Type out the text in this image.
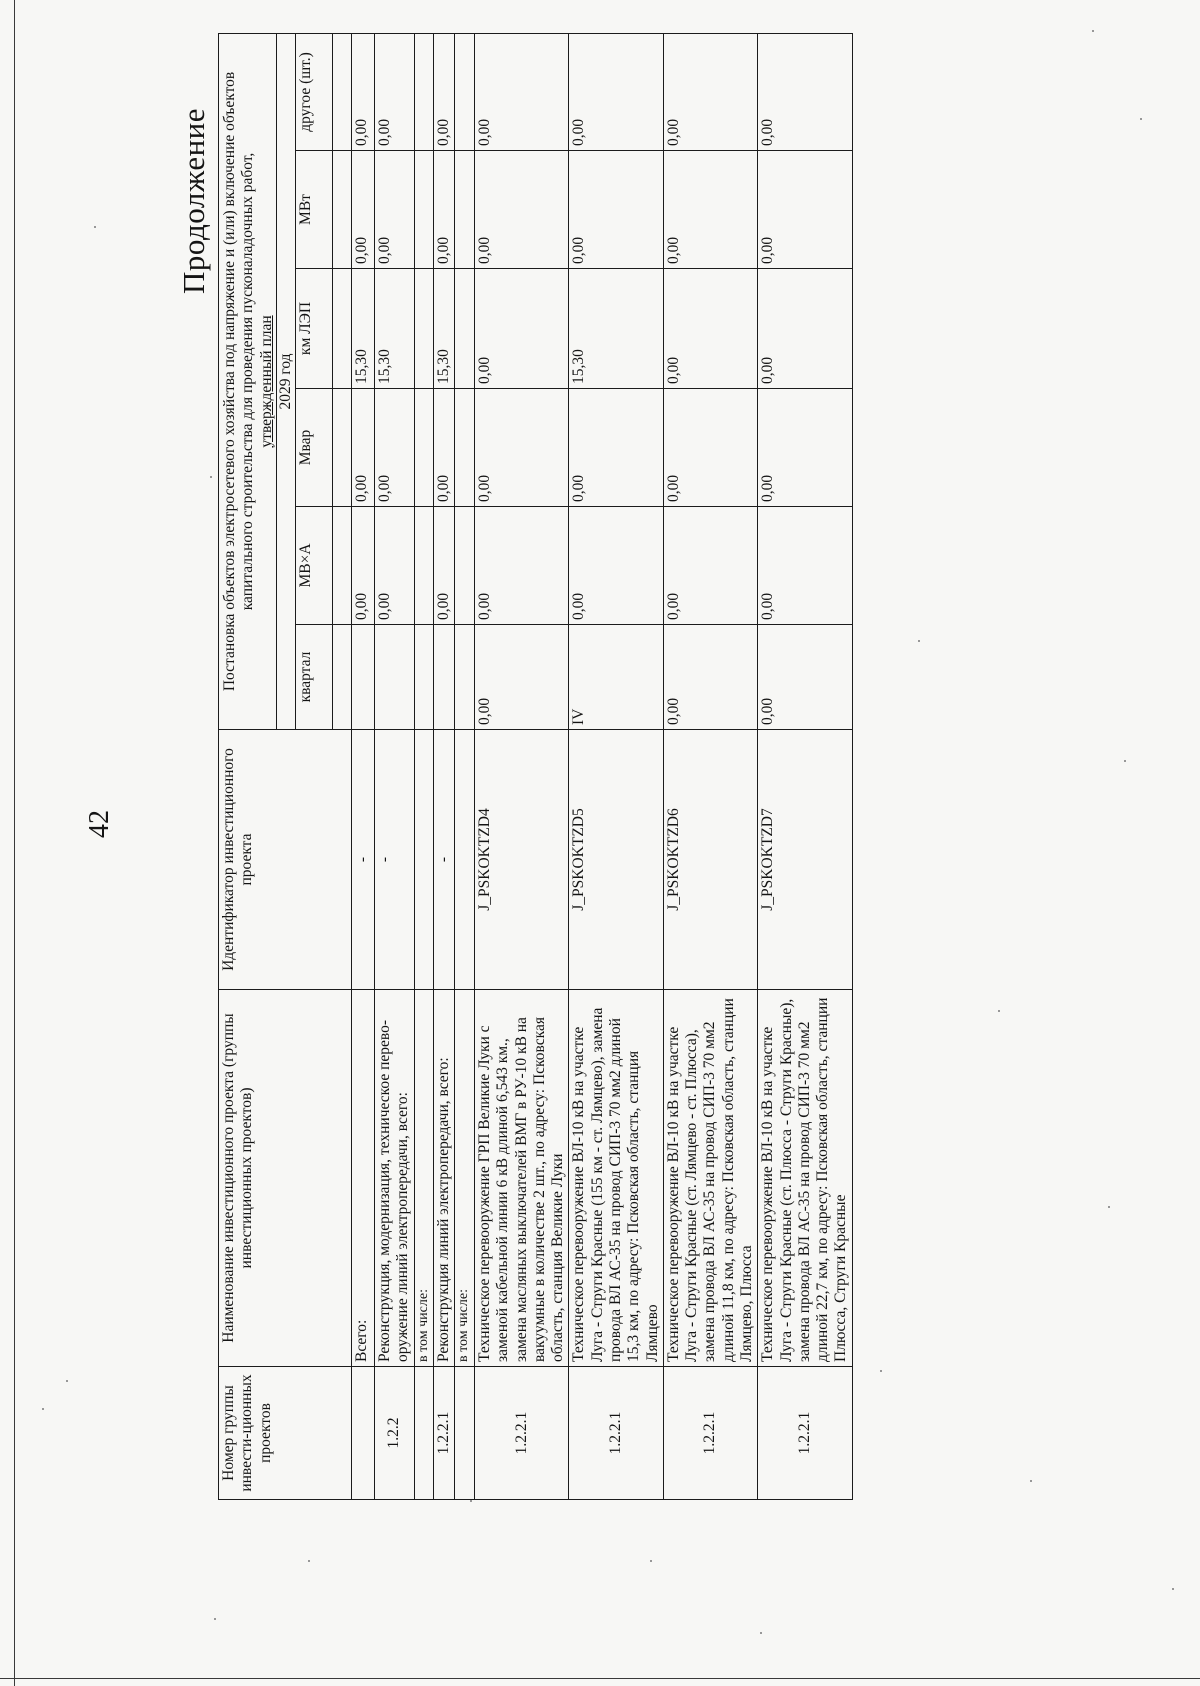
42
Продолжение
Номер группы инвести-ционных проектов	Наименование инвестиционного проекта (группы инвестиционных проектов)	Идентификатор инвестиционного проекта	Постановка объектов электросетевого хозяйства под напряжение и (или) включение объектов капитального строительства для проведения пусконаладочных работ,
утвержденный план					
			2029 год					
			квартал	МВ×А	Мвар	км ЛЭП	МВт	другое (шт.)

	Всего:	-		0,00	0,00	15,30	0,00	0,00
1.2.2	Реконструкция, модернизация, техническое перево-оружение линий электропередачи, всего:	-		0,00	0,00	15,30	0,00	0,00
	в том числе:							
1.2.2.1	Реконструкция линий электропередачи, всего:	-		0,00	0,00	15,30	0,00	0,00
	в том числе:							
1.2.2.1	Техническое перевооружение ГРП Великие Луки с заменой кабельной линии 6 кВ длиной 6,543 км., замена масляных выключателей ВМГ в РУ-10 кВ на вакуумные в количестве 2 шт., по адресу: Псковская область, станция Великие Луки	J_PSKOKTZD4	0,00	0,00	0,00	0,00	0,00	0,00
1.2.2.1	Техническое перевооружение ВЛ-10 кВ на участке Луга - Струги Красные (155 км - ст. Лямцево), замена провода ВЛ АС-35 на провод СИП-3 70 мм2 длиной 15,3 км, по адресу: Псковская область, станция Лямцево	J_PSKOKTZD5	IV	0,00	0,00	15,30	0,00	0,00
1.2.2.1	Техническое перевооружение ВЛ-10 кВ на участке Луга - Струги Красные (ст. Лямцево - ст. Плюсса), замена провода ВЛ АС-35 на провод СИП-3 70 мм2 длиной 11,8 км, по адресу: Псковская область, станции Лямцево, Плюсса	J_PSKOKTZD6	0,00	0,00	0,00	0,00	0,00	0,00
1.2.2.1	Техническое перевооружение ВЛ-10 кВ на участке Луга - Струги Красные (ст. Плюсса - Струги Красные), замена провода ВЛ АС-35 на провод СИП-3 70 мм2 длиной 22,7 км, по адресу: Псковская область, станции Плюсса, Струги Красные	J_PSKOKTZD7	0,00	0,00	0,00	0,00	0,00	0,00
